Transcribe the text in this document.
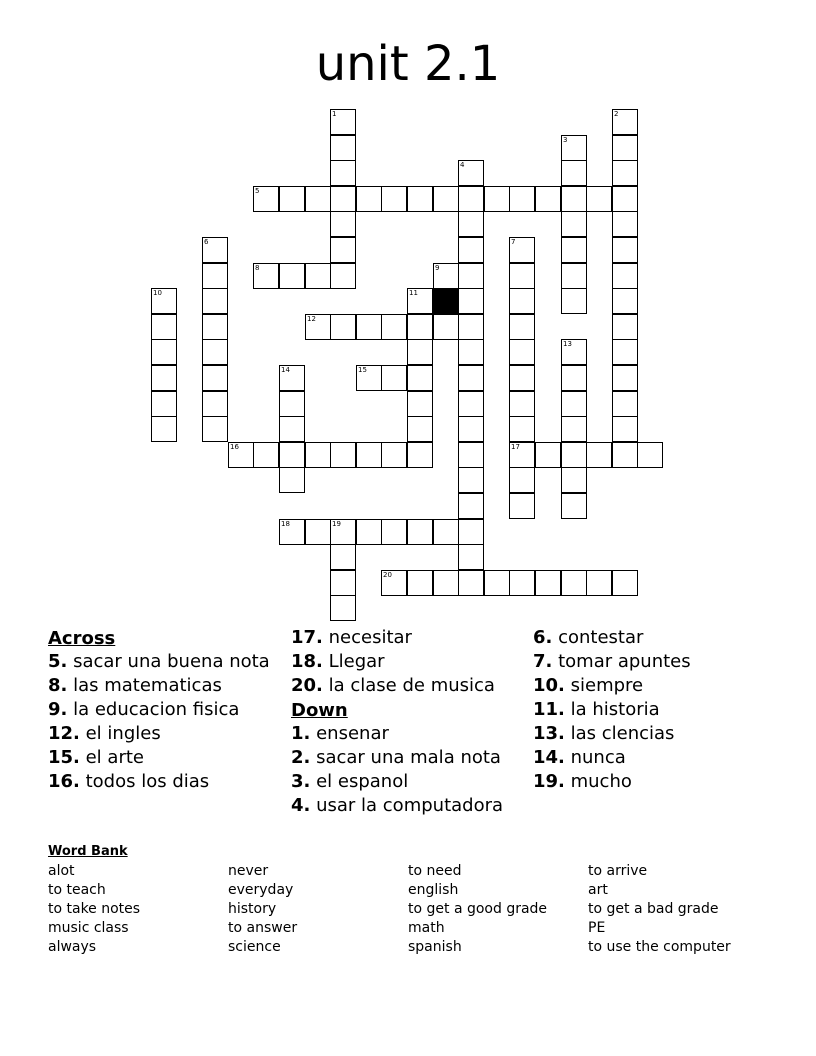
unit 2.1
5
8	9
11
12
15
16	17
18	19
20
1	2
3
4
6	7
10
13
14
Across
5. sacar una buena nota
8. las matematicas
9. la educacion fisica
12. el ingles
15. el arte
16. todos los dias
17. necesitar
18. Llegar
20. la clase de musica
Down
1. ensenar
2. sacar una mala nota
3. el espanol
4. usar la computadora
6. contestar
7. tomar apuntes
10. siempre
11. la historia
13. las clencias
14. nunca
19. mucho
Word Bank
alot
to teach
to take notes
music class
always
never
everyday
history
to answer
science
to need
english
to get a good grade
math
spanish
to arrive
art
to get a bad grade
PE
to use the computer
